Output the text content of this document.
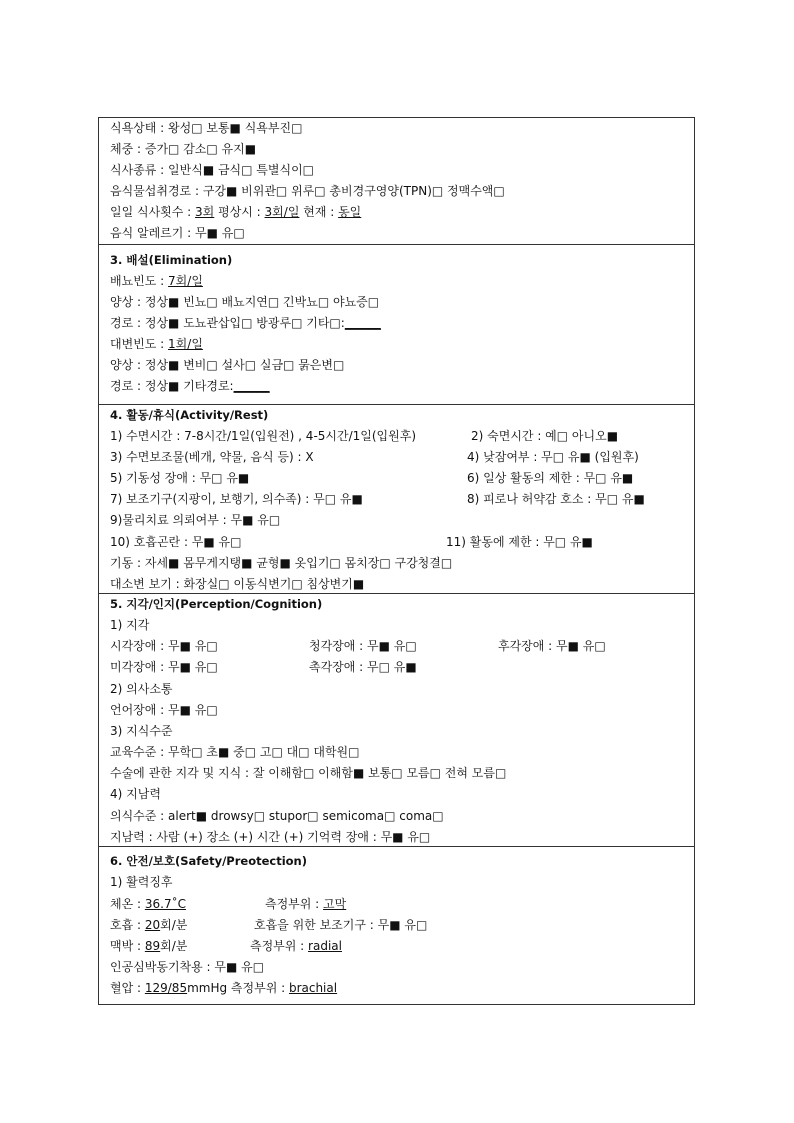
식욕상태 : 왕성□ 보통■ 식욕부진□
체중 : 증가□ 감소□ 유지■
식사종류 : 일반식■ 금식□ 특별식이□
음식물섭취경로 : 구강■ 비위관□ 위루□ 총비경구영양(TPN)□ 정맥수액□
일일 식사횟수 : 3회 평상시 : 3회/일 현재 : 동일
음식 알레르기 : 무■ 유□
3. 배설(Elimination)
배뇨빈도 : 7회/일
양상 : 정상■ 빈뇨□ 배뇨지연□ 긴박뇨□ 야뇨증□
경로 : 정상■ 도뇨관삽입□ 방광루□ 기타□:______
대변빈도 : 1회/일
양상 : 정상■ 변비□ 설사□ 실금□ 묽은변□
경로 : 정상■ 기타경로:______
4. 활동/휴식(Activity/Rest)
1) 수면시간 : 7-8시간/1일(입원전) , 4-5시간/1일(입원후)	2) 숙면시간 : 예□ 아니오■
3) 수면보조물(베개, 약물, 음식 등) : X	4) 낮잠여부 : 무□ 유■ (입원후)
5) 기동성 장애 : 무□ 유■	6) 일상 활동의 제한 : 무□ 유■
7) 보조기구(지팡이, 보행기, 의수족) : 무□ 유■	8) 피로나 허약감 호소 : 무□ 유■
9)물리치료 의뢰여부 : 무■ 유□
10) 호흡곤란 : 무■ 유□	11) 활동에 제한 : 무□ 유■
기동 : 자세■ 몸무게지탱■ 균형■ 옷입기□ 몸치장□ 구강청결□
대소변 보기 : 화장실□ 이동식변기□ 침상변기■
5. 지각/인지(Perception/Cognition)
1) 지각
시각장애 : 무■ 유□	청각장애 : 무■ 유□	후각장애 : 무■ 유□
미각장애 : 무■ 유□	촉각장애 : 무□ 유■
2) 의사소통
언어장애 : 무■ 유□
3) 지식수준
교육수준 : 무학□ 초■ 중□ 고□ 대□ 대학원□
수술에 관한 지각 및 지식 : 잘 이해함□ 이해함■ 보통□ 모름□ 전혀 모름□
4) 지남력
의식수준 : alert■ drowsy□ stupor□ semicoma□ coma□
지남력 : 사람 (+) 장소 (+) 시간 (+) 기억력 장애 : 무■ 유□
6. 안전/보호(Safety/Preotection)
1) 활력징후
체온 : 36.7˚C	측정부위 : 고막
호흡 : 20회/분	호흡을 위한 보조기구 : 무■ 유□
맥박 : 89회/분	측정부위 : radial
인공심박동기착용 : 무■ 유□
혈압 : 129/85mmHg 측정부위 : brachial
